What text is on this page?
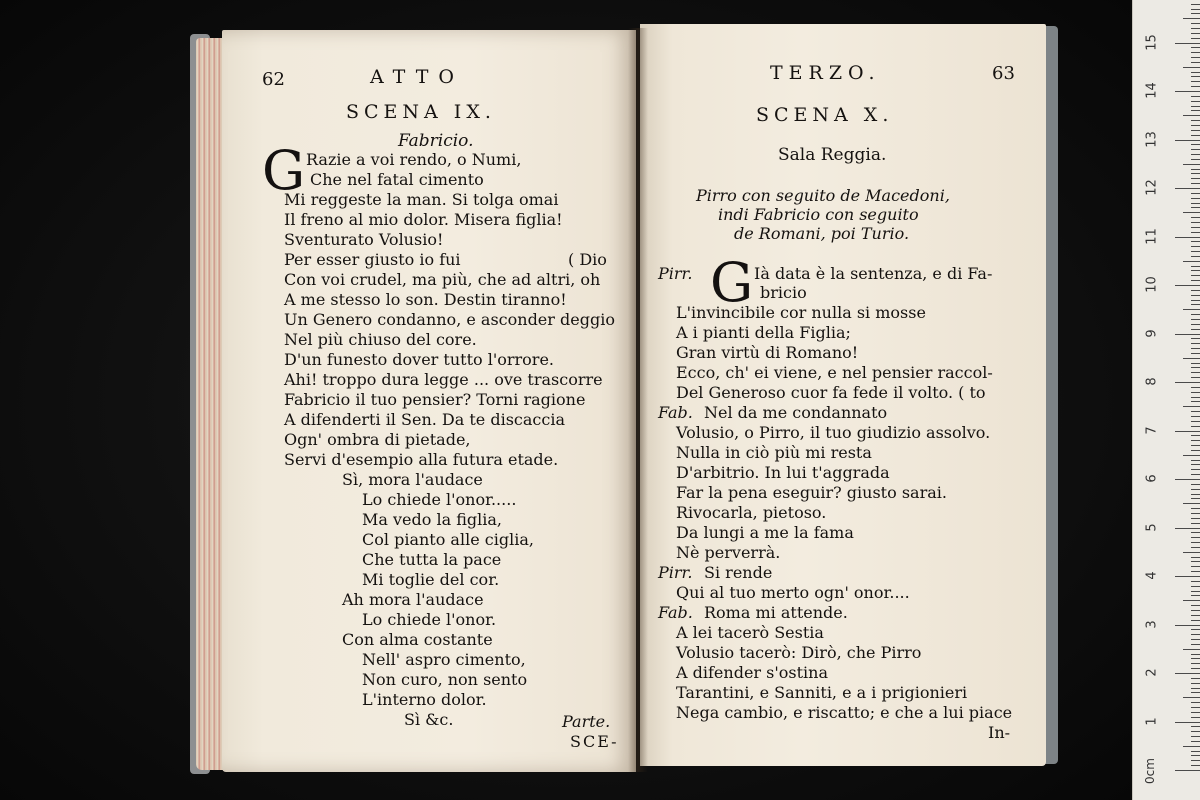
0cm
1
2
3
4
5
6
7
8
9
10
11
12
13
14
15
62	ATTO
SCENA IX.
Fabricio.
G Razie a voi rendo, o Numi,
Che nel fatal cimento
Mi reggeste la man. Si tolga omai
Il freno al mio dolor. Misera figlia!
Sventurato Volusio!
Per esser giusto io fui	( Dio
Con voi crudel, ma più, che ad altri, oh
A me stesso lo son. Destin tiranno!
Un Genero condanno, e asconder deggio
Nel più chiuso del core.
D'un funesto dover tutto l'orrore.
Ahi! troppo dura legge ... ove trascorre
Fabricio il tuo pensier? Torni ragione
A difenderti il Sen. Da te discaccia
Ogn' ombra di pietade,
Servi d'esempio alla futura etade.
Sì, mora l'audace
Lo chiede l'onor.....
Ma vedo la figlia,
Col pianto alle ciglia,
Che tutta la pace
Mi toglie del cor.
Ah mora l'audace
Lo chiede l'onor.
Con alma costante
Nell' aspro cimento,
Non curo, non sento
L'interno dolor.
Sì &c.	Parte.
SCE-
TERZO.	63
SCENA X.
Sala Reggia.
Pirro con seguito de Macedoni,
indi Fabricio con seguito
de Romani, poi Turio.
Pirr. G Ià data è la sentenza, e di Fa-
bricio
L'invincibile cor nulla si mosse
A i pianti della Figlia;
Gran virtù di Romano!
Ecco, ch' ei viene, e nel pensier raccol-
Del Generoso cuor fa fede il volto. ( to
Fab. Nel da me condannato
Volusio, o Pirro, il tuo giudizio assolvo.
Nulla in ciò più mi resta
D'arbitrio. In lui t'aggrada
Far la pena eseguir? giusto sarai.
Rivocarla, pietoso.
Da lungi a me la fama
Nè perverrà.
Pirr. Si rende
Qui al tuo merto ogn' onor....
Fab. Roma mi attende.
A lei tacerò Sestia
Volusio tacerò: Dirò, che Pirro
A difender s'ostina
Tarantini, e Sanniti, e a i prigionieri
Nega cambio, e riscatto; e che a lui piace
In-
